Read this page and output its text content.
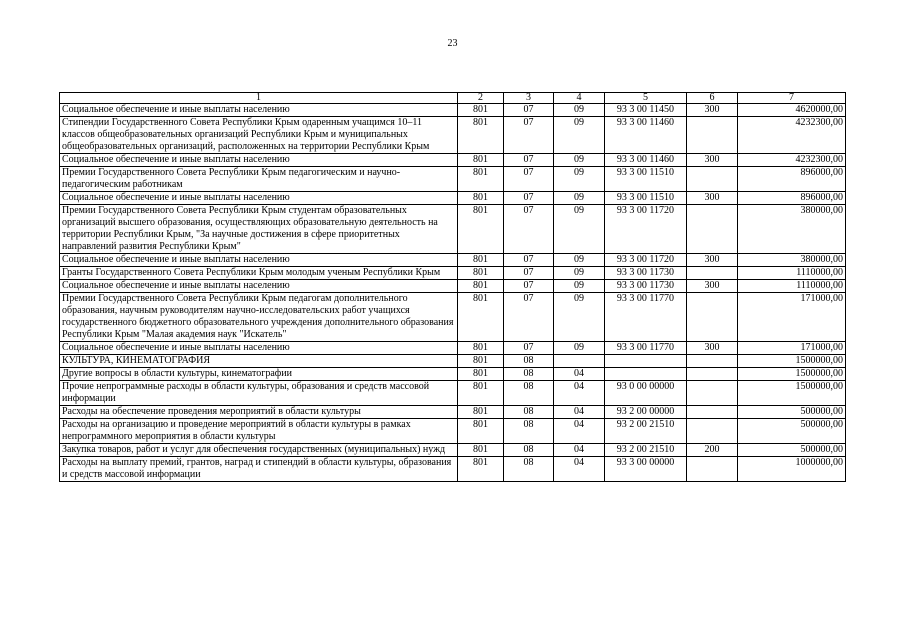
23
1	2	3	4	5	6	7
Социальное обеспечение и иные выплаты населению	801	07	09	93 3 00 11450	300	4620000,00
Стипендии Государственного Совета Республики Крым одаренным учащимся 10–11 классов общеобразовательных организаций Республики Крым и муниципальных общеобразовательных организаций, расположенных на территории Республики Крым	801	07	09	93 3 00 11460		4232300,00
Социальное обеспечение и иные выплаты населению	801	07	09	93 3 00 11460	300	4232300,00
Премии Государственного Совета Республики Крым педагогическим и научно-педагогическим работникам	801	07	09	93 3 00 11510		896000,00
Социальное обеспечение и иные выплаты населению	801	07	09	93 3 00 11510	300	896000,00
Премии Государственного Совета Республики Крым студентам образовательных организаций высшего образования, осуществляющих образовательную деятельность на территории Республики Крым, "За научные достижения в сфере приоритетных направлений развития Республики Крым"	801	07	09	93 3 00 11720		380000,00
Социальное обеспечение и иные выплаты населению	801	07	09	93 3 00 11720	300	380000,00
Гранты Государственного Совета Республики Крым молодым ученым Республики Крым	801	07	09	93 3 00 11730		1110000,00
Социальное обеспечение и иные выплаты населению	801	07	09	93 3 00 11730	300	1110000,00
Премии Государственного Совета Республики Крым педагогам дополнительного образования, научным руководителям научно-исследовательских работ учащихся государственного бюджетного образовательного учреждения дополнительного образования Республики Крым "Малая академия наук "Искатель"	801	07	09	93 3 00 11770		171000,00
Социальное обеспечение и иные выплаты населению	801	07	09	93 3 00 11770	300	171000,00
КУЛЬТУРА, КИНЕМАТОГРАФИЯ	801	08				1500000,00
Другие вопросы в области культуры, кинематографии	801	08	04			1500000,00
Прочие непрограммные расходы в области культуры, образования и средств массовой информации	801	08	04	93 0 00 00000		1500000,00
Расходы на обеспечение проведения мероприятий в области культуры	801	08	04	93 2 00 00000		500000,00
Расходы на организацию и проведение мероприятий в области культуры в рамках непрограммного мероприятия в области культуры	801	08	04	93 2 00 21510		500000,00
Закупка товаров, работ и услуг для обеспечения государственных (муниципальных) нужд	801	08	04	93 2 00 21510	200	500000,00
Расходы на выплату премий, грантов, наград и стипендий в области культуры, образования и средств массовой информации	801	08	04	93 3 00 00000		1000000,00
